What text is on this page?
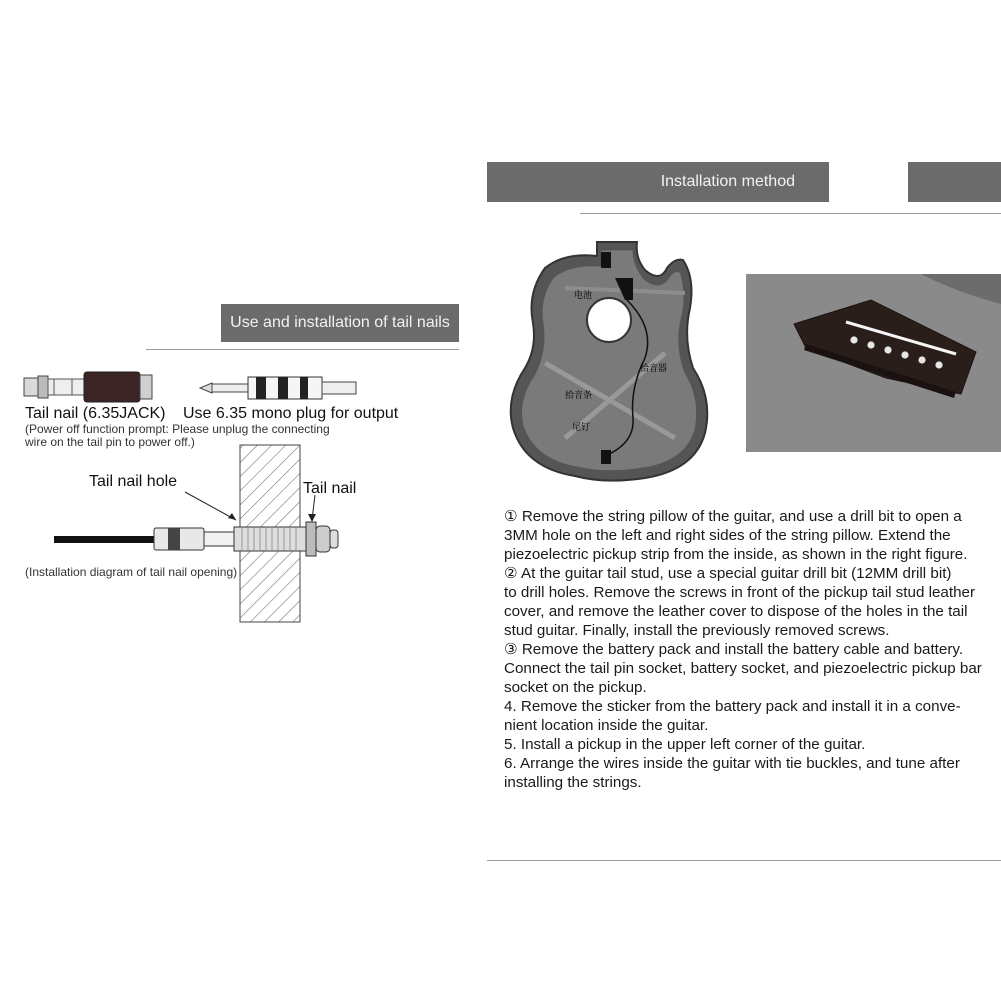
Use and installation of tail nails
Tail nail (6.35JACK) Use 6.35 mono plug for output
(Power off function prompt: Please unplug the connecting
wire on the tail pin to power off.)
Tail nail hole	Tail nail
(Installation diagram of tail nail opening)
Installation method
电池
拾音器
拾音条
尾钉
① Remove the string pillow of the guitar, and use a drill bit to open a
3MM hole on the left and right sides of the string pillow. Extend the
piezoelectric pickup strip from the inside, as shown in the right figure.
② At the guitar tail stud, use a special guitar drill bit (12MM drill bit)
to drill holes. Remove the screws in front of the pickup tail stud leather
cover, and remove the leather cover to dispose of the holes in the tail
stud guitar. Finally, install the previously removed screws.
③ Remove the battery pack and install the battery cable and battery.
Connect the tail pin socket, battery socket, and piezoelectric pickup bar
socket on the pickup.
4. Remove the sticker from the battery pack and install it in a conve-
nient location inside the guitar.
5. Install a pickup in the upper left corner of the guitar.
6. Arrange the wires inside the guitar with tie buckles, and tune after
installing the strings.
